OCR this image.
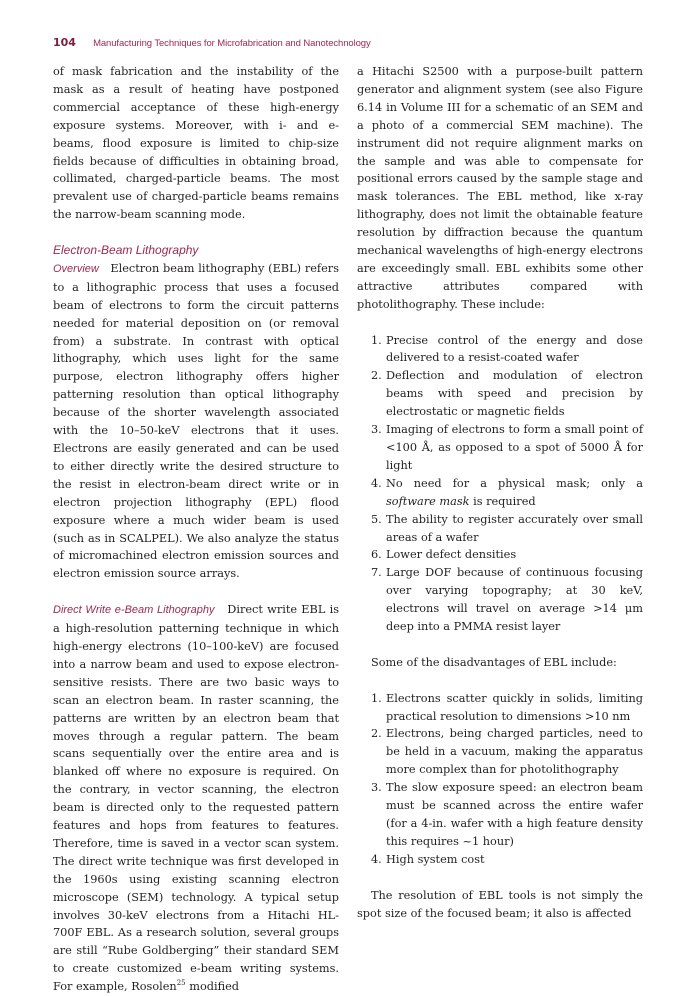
104 Manufacturing Techniques for Microfabrication and Nanotechnology

of mask fabrication and the instability of the mask as a result of heating have postponed commercial acceptance of these high-energy exposure systems. Moreover, with i- and e-beams, flood exposure is limited to chip-size fields because of difficulties in obtaining broad, collimated, charged-particle beams. The most prevalent use of charged-particle beams remains the narrow-beam scanning mode.

Electron-Beam Lithography

Overview Electron beam lithography (EBL) refers to a lithographic process that uses a focused beam of electrons to form the circuit patterns needed for material deposition on (or removal from) a substrate. In contrast with optical lithography, which uses light for the same purpose, electron lithography offers higher patterning resolution than optical lithography because of the shorter wavelength associated with the 10–50-keV electrons that it uses. Electrons are easily generated and can be used to either directly write the desired structure to the resist in electron-beam direct write or in electron projection lithography (EPL) flood exposure where a much wider beam is used (such as in SCALPEL). We also analyze the status of micromachined electron emission sources and electron emission source arrays.

Direct Write e-Beam Lithography Direct write EBL is a high-resolution patterning technique in which high-energy electrons (10–100-keV) are focused into a narrow beam and used to expose electron-sensitive resists. There are two basic ways to scan an electron beam. In raster scanning, the patterns are written by an electron beam that moves through a regular pattern. The beam scans sequentially over the entire area and is blanked off where no exposure is required. On the contrary, in vector scanning, the electron beam is directed only to the requested pattern features and hops from features to features. Therefore, time is saved in a vector scan system. The direct write technique was first developed in the 1960s using existing scanning electron microscope (SEM) technology. A typical setup involves 30-keV electrons from a Hitachi HL-700F EBL. As a research solution, several groups are still “Rube Goldberging” their standard SEM to create customized e-beam writing systems. For example, Rosolen$^{25}$ modified

a Hitachi S2500 with a purpose-built pattern generator and alignment system (see also Figure 6.14 in Volume III for a schematic of an SEM and a photo of a commercial SEM machine). The instrument did not require alignment marks on the sample and was able to compensate for positional errors caused by the sample stage and mask tolerances. The EBL method, like x-ray lithography, does not limit the obtainable feature resolution by diffraction because the quantum mechanical wavelengths of high-energy electrons are exceedingly small. EBL exhibits some other attractive attributes compared with photolithography. These include:

1. Precise control of the energy and dose delivered to a resist-coated wafer
2. Deflection and modulation of electron beams with speed and precision by electrostatic or magnetic fields
3. Imaging of electrons to form a small point of <100 Å, as opposed to a spot of 5000 Å for light
4. No need for a physical mask; only a software mask is required
5. The ability to register accurately over small areas of a wafer
6. Lower defect densities
7. Large DOF because of continuous focusing over varying topography; at 30 keV, electrons will travel on average >14 μm deep into a PMMA resist layer

Some of the disadvantages of EBL include:

1. Electrons scatter quickly in solids, limiting practical resolution to dimensions >10 nm
2. Electrons, being charged particles, need to be held in a vacuum, making the apparatus more complex than for photolithography
3. The slow exposure speed: an electron beam must be scanned across the entire wafer (for a 4-in. wafer with a high feature density this requires ~1 hour)
4. High system cost

The resolution of EBL tools is not simply the spot size of the focused beam; it also is affected
